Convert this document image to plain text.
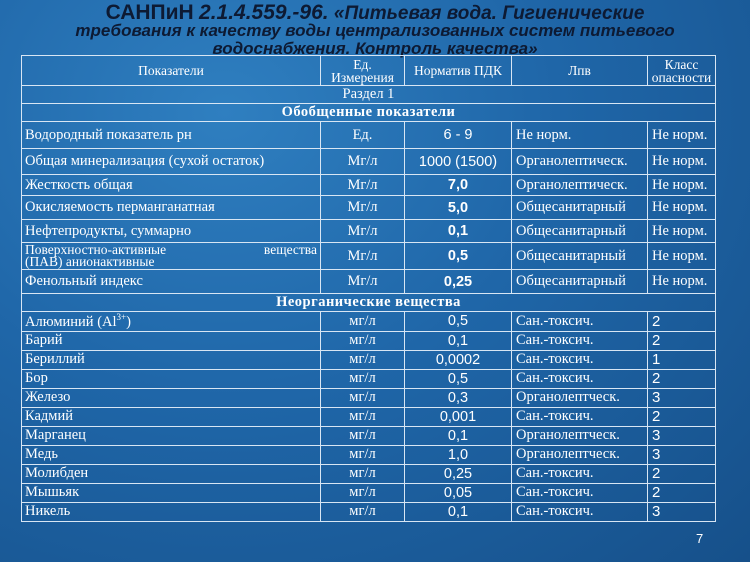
САНПиН 2.1.4.559.-96. «Питьевая вода. Гигиенические
требования к качеству воды централизованных систем питьевого
водоснабжения. Контроль качества»
Показатели	Ед. Измерения	Норматив ПДК	Лпв	Класс опасности
Раздел 1				
Обобщенные показатели				
Водородный показатель рн	Ед.	6 - 9	Не норм.	Не норм.
Общая минерализация (сухой остаток)	Мг/л	1000 (1500)	Органолептическ.	Не норм.
Жесткость общая	Мг/л	7,0	Органолептическ.	Не норм.
Окисляемость перманганатная	Мг/л	5,0	Общесанитарный	Не норм.
Нефтепродукты, суммарно	Мг/л	0,1	Общесанитарный	Не норм.

Поверхностно-активные вещества
(ПАВ) анионактивные	Мг/л	0,5	Общесанитарный	Не норм.
Фенольный индекс	Мг/л	0,25	Общесанитарный	Не норм.
Неорганические вещества				
Алюминий $(Al^{3+})$	мг/л	0,5	Сан.-токсич.	2
Барий	мг/л	0,1	Сан.-токсич.	2
Бериллий	мг/л	0,0002	Сан.-токсич.	1
Бор	мг/л	0,5	Сан.-токсич.	2
Железо	мг/л	0,3	Органолептческ.	3
Кадмий	мг/л	0,001	Сан.-токсич.	2
Марганец	мг/л	0,1	Органолептческ.	3
Медь	мг/л	1,0	Органолептческ.	3
Молибден	мг/л	0,25	Сан.-токсич.	2
Мышьяк	мг/л	0,05	Сан.-токсич.	2
Никель	мг/л	0,1	Сан.-токсич.	3
7
